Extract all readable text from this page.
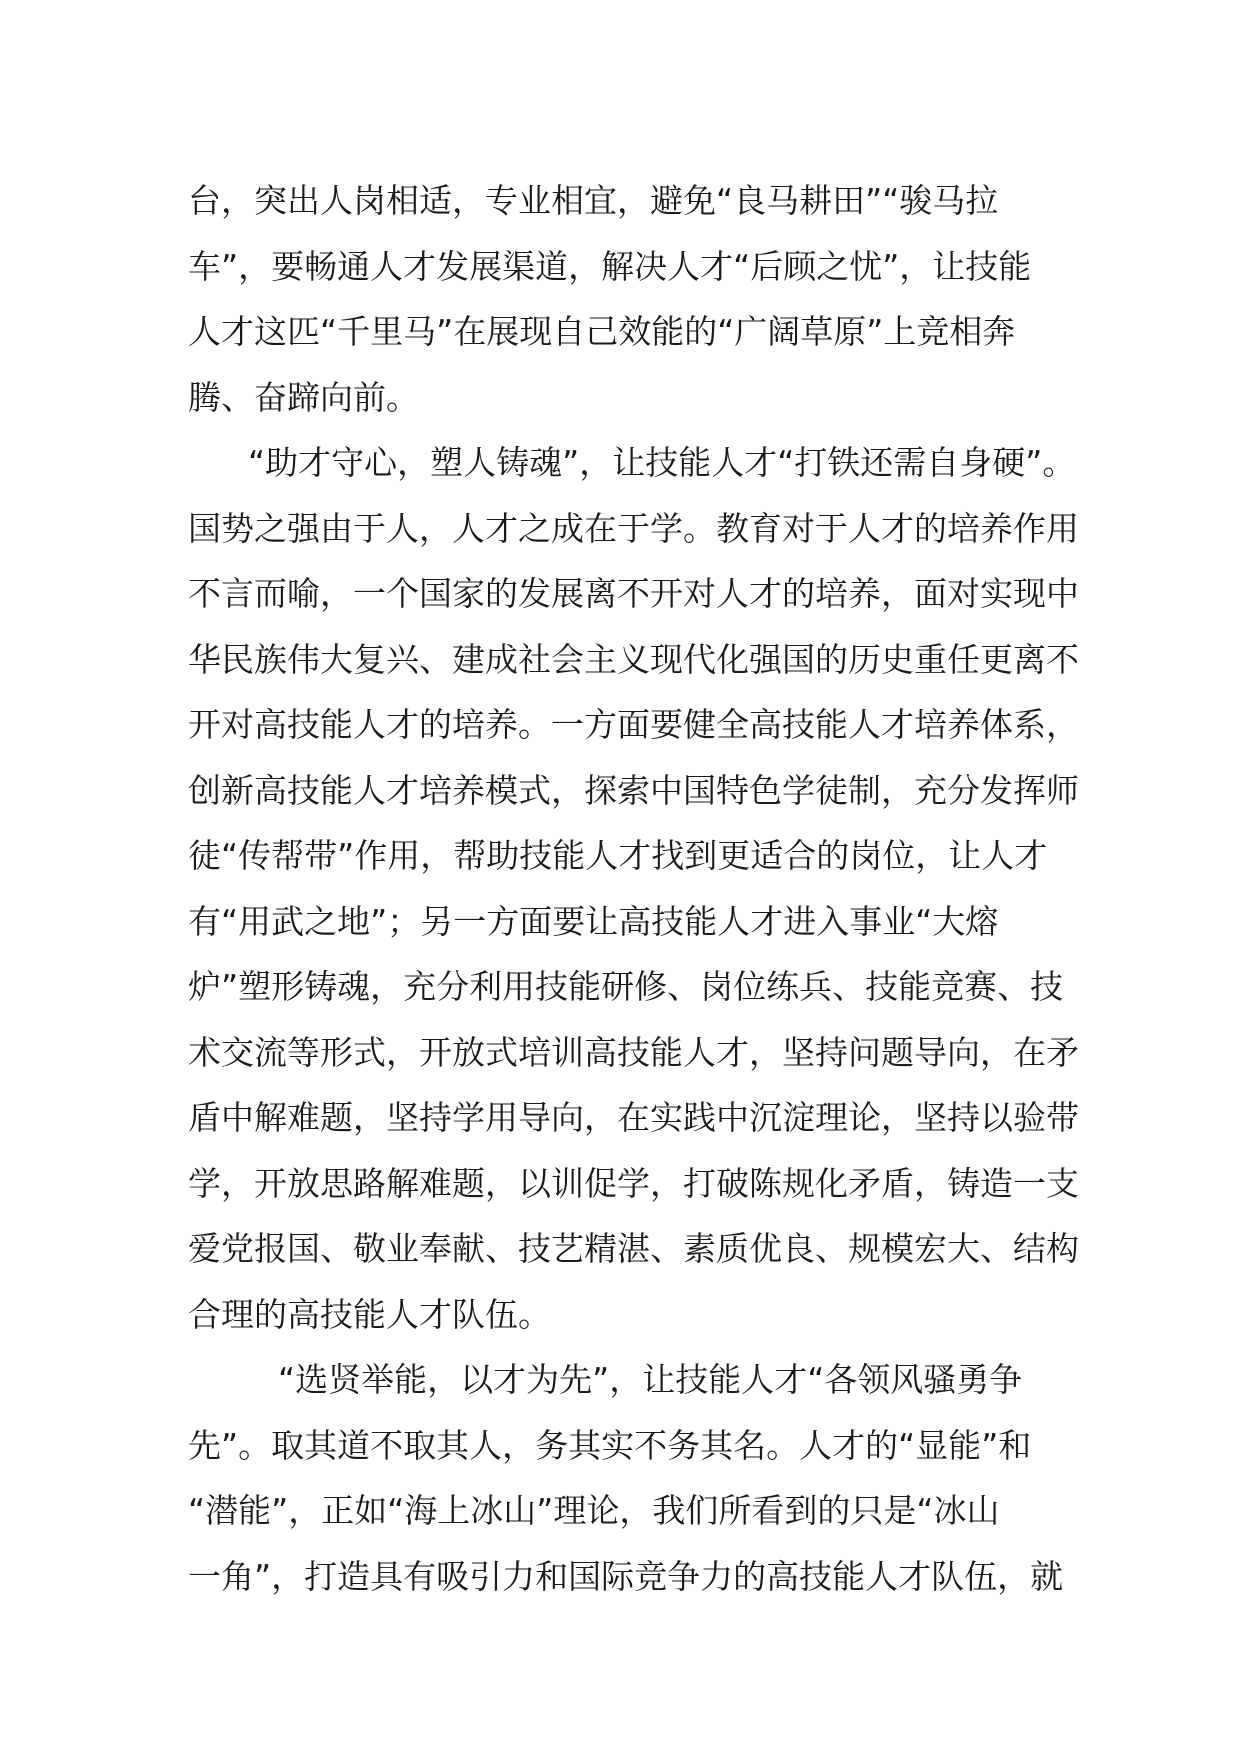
台，突出人岗相适，专业相宜，避免“良马耕田”“骏马拉
车”，要畅通人才发展渠道，解决人才“后顾之忧”，让技能
人才这匹“千里马”在展现自己效能的“广阔草原”上竞相奔
腾、奋蹄向前。
“助才守心，塑人铸魂”，让技能人才“打铁还需自身硬”。
国势之强由于人，人才之成在于学。教育对于人才的培养作用
不言而喻，一个国家的发展离不开对人才的培养，面对实现中
华民族伟大复兴、建成社会主义现代化强国的历史重任更离不
开对高技能人才的培养。一方面要健全高技能人才培养体系，
创新高技能人才培养模式，探索中国特色学徒制，充分发挥师
徒“传帮带”作用，帮助技能人才找到更适合的岗位，让人才
有“用武之地”；另一方面要让高技能人才进入事业“大熔
炉”塑形铸魂，充分利用技能研修、岗位练兵、技能竞赛、技
术交流等形式，开放式培训高技能人才，坚持问题导向，在矛
盾中解难题，坚持学用导向，在实践中沉淀理论，坚持以验带
学，开放思路解难题，以训促学，打破陈规化矛盾，铸造一支
爱党报国、敬业奉献、技艺精湛、素质优良、规模宏大、结构
合理的高技能人才队伍。
“选贤举能，以才为先”，让技能人才“各领风骚勇争
先”。取其道不取其人，务其实不务其名。人才的“显能”和
“潜能”，正如“海上冰山”理论，我们所看到的只是“冰山
一角”，打造具有吸引力和国际竞争力的高技能人才队伍，就
